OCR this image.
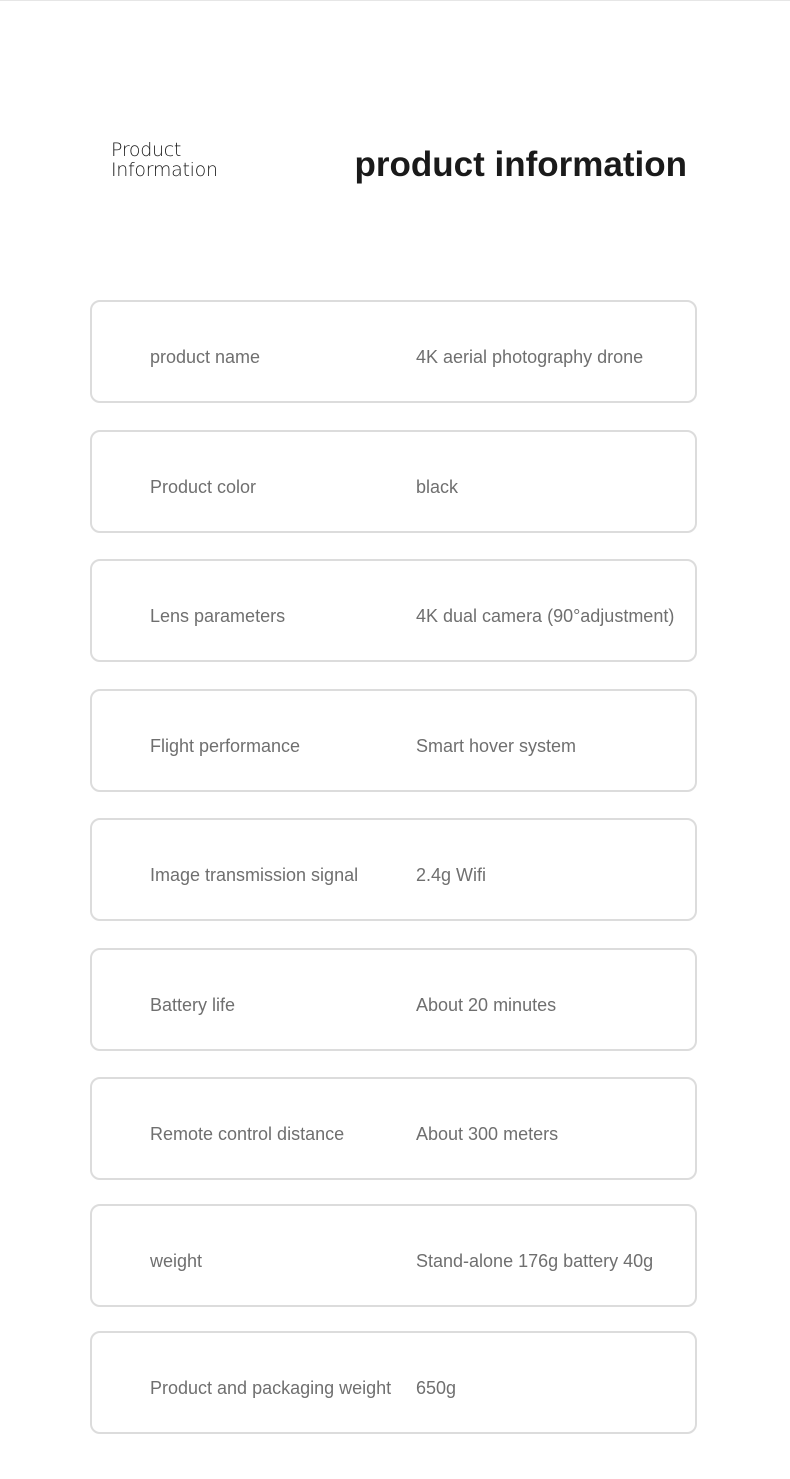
Product
Information	product information
product name	4K aerial photography drone
Product color	black
Lens parameters	4K dual camera (90°adjustment)
Flight performance	Smart hover system
Image transmission signal	2.4g Wifi
Battery life	About 20 minutes
Remote control distance	About 300 meters
weight	Stand-alone 176g battery 40g
Product and packaging weight 650g
